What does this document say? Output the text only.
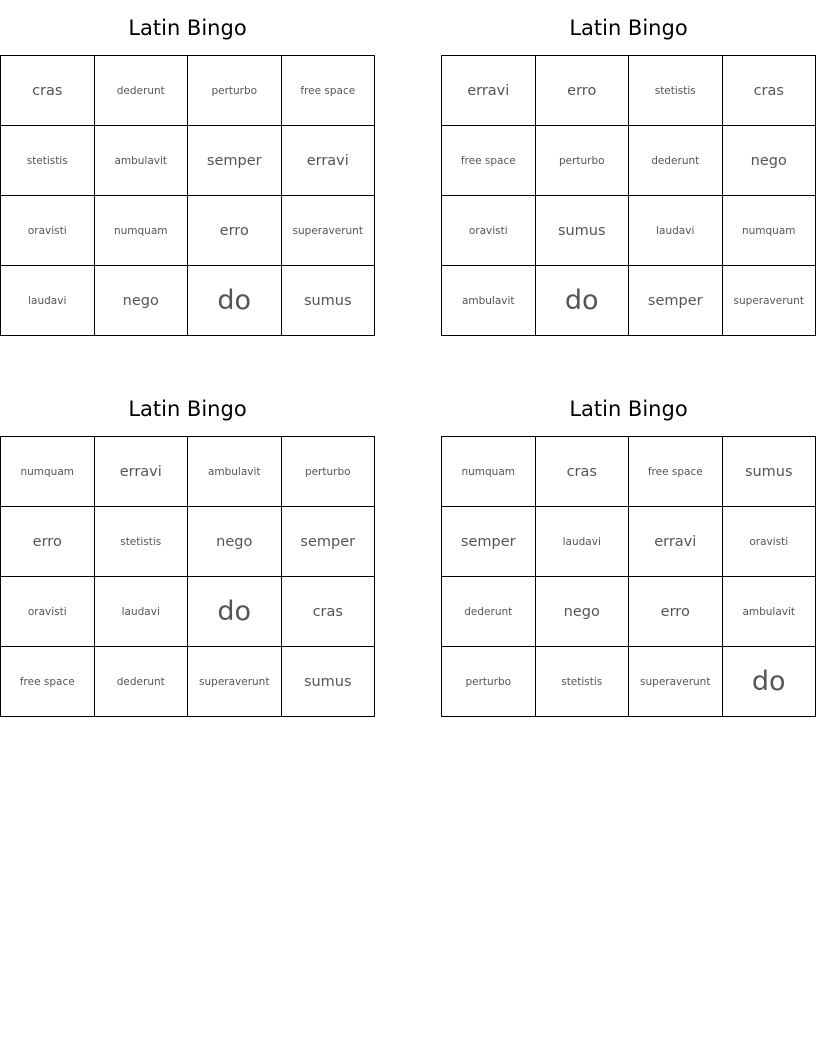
Latin Bingo
cras	dederunt	perturbo	free space
stetistis	ambulavit	semper	erravi
oravisti	numquam	erro	superaverunt
laudavi	nego	do	sumus
Latin Bingo
erravi	erro	stetistis	cras
free space	perturbo	dederunt	nego
oravisti	sumus	laudavi	numquam
ambulavit	do	semper	superaverunt
Latin Bingo
numquam	erravi	ambulavit	perturbo
erro	stetistis	nego	semper
oravisti	laudavi	do	cras
free space	dederunt	superaverunt	sumus
Latin Bingo
numquam	cras	free space	sumus
semper	laudavi	erravi	oravisti
dederunt	nego	erro	ambulavit
perturbo	stetistis	superaverunt	do
